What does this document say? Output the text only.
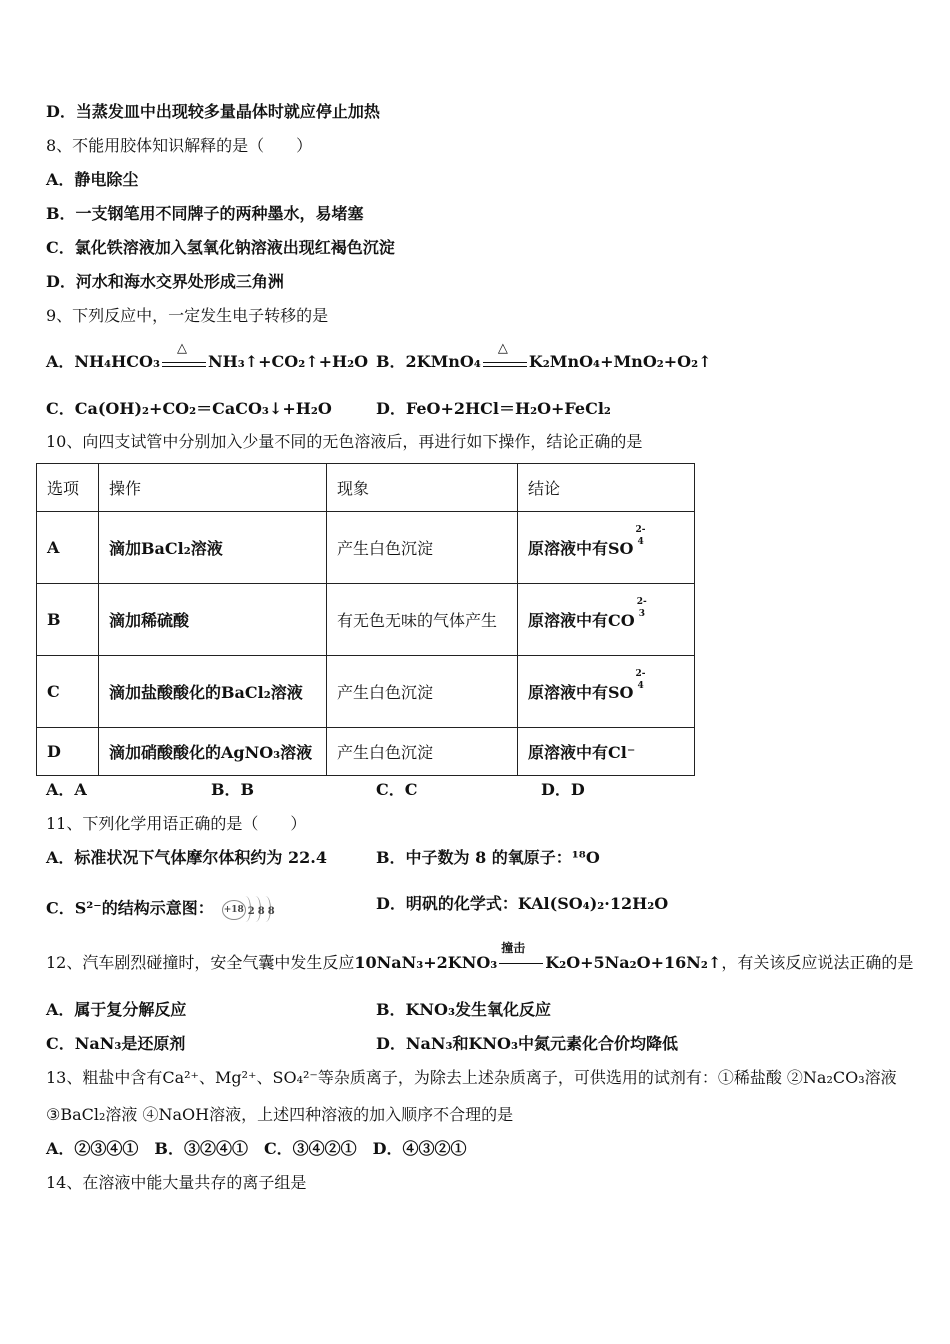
D．当蒸发皿中出现较多量晶体时就应停止加热
8、不能用胶体知识解释的是（　　）
A．静电除尘
B．一支钢笔用不同牌子的两种墨水，易堵塞
C．氯化铁溶液加入氢氧化钠溶液出现红褐色沉淀
D．河水和海水交界处形成三角洲
9、下列反应中，一定发生电子转移的是
A．NH₄HCO₃
△
NH₃↑+CO₂↑+H₂O B．2KMnO₄
△
K₂MnO₄+MnO₂+O₂↑
C．Ca(OH)₂+CO₂＝CaCO₃↓+H₂O	D．FeO+2HCl＝H₂O+FeCl₂
10、向四支试管中分别加入少量不同的无色溶液后，再进行如下操作，结论正确的是
选项	操作	现象	结论
A	滴加BaCl₂溶液	产生白色沉淀	原溶液中有SO
2-
4

B	滴加稀硫酸	有无色无味的气体产生	原溶液中有CO
2-
3

C	滴加盐酸酸化的BaCl₂溶液	产生白色沉淀	原溶液中有SO
2-
4

D	滴加硝酸酸化的AgNO₃溶液	产生白色沉淀	原溶液中有Cl⁻
A．A	B．B	C．C	D．D
11、下列化学用语正确的是（　　）
A．标准状况下气体摩尔体积约为 22.4	B．中子数为 8 的氧原子：¹⁸O
C．S²⁻的结构示意图： +18 2 8 8	D．明矾的化学式：KAl(SO₄)₂·12H₂O
12、汽车剧烈碰撞时，安全气囊中发生反应10NaN₃+2KNO₃
撞击
K₂O+5Na₂O+16N₂↑，有关该反应说法正确的是
A．属于复分解反应	B．KNO₃发生氧化反应
C．NaN₃是还原剂	D．NaN₃和KNO₃中氮元素化合价均降低
13、粗盐中含有Ca²⁺、Mg²⁺、SO₄²⁻等杂质离子，为除去上述杂质离子，可供选用的试剂有：①稀盐酸 ②Na₂CO₃溶液
③BaCl₂溶液 ④NaOH溶液，上述四种溶液的加入顺序不合理的是
A．②③④①　B．③②④①　C．③④②①　D．④③②①
14、在溶液中能大量共存的离子组是
